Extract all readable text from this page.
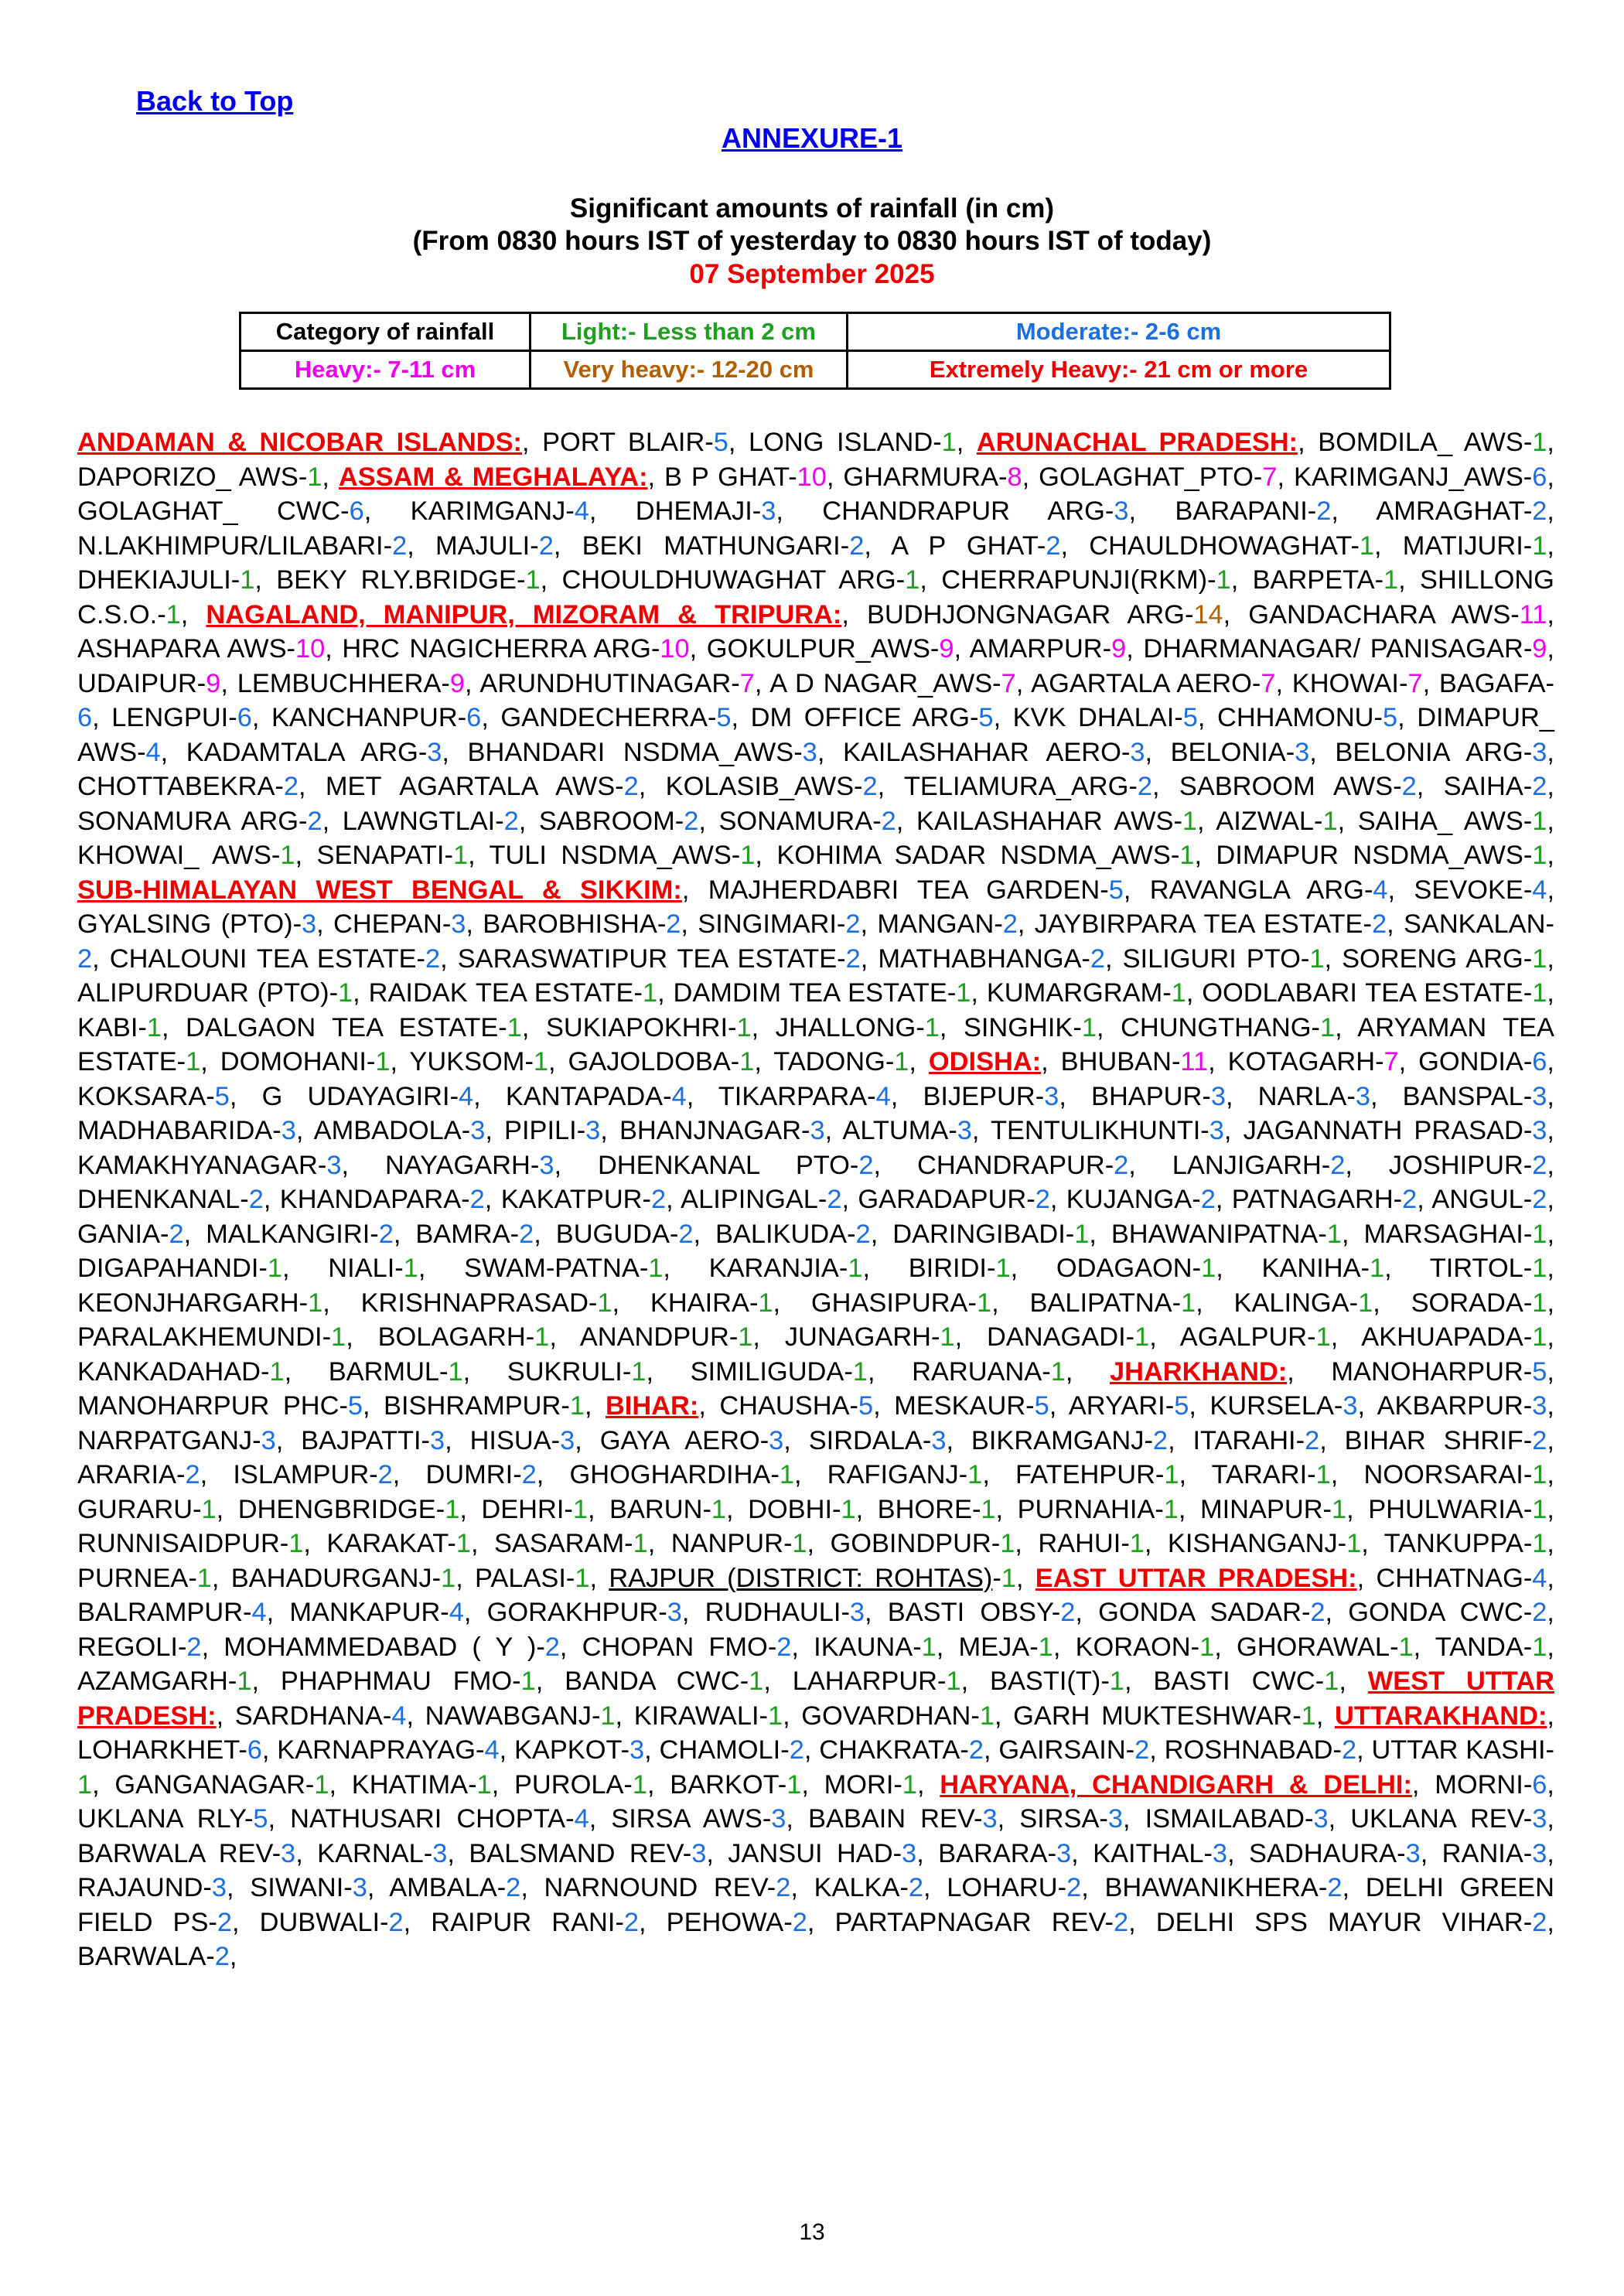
Back to Top
ANNEXURE-1
Significant amounts of rainfall (in cm)
(From 0830 hours IST of yesterday to 0830 hours IST of today)
07 September 2025
Category of rainfall	Light:- Less than 2 cm	Moderate:- 2-6 cm
Heavy:- 7-11 cm	Very heavy:- 12-20 cm	Extremely Heavy:- 21 cm or more
ANDAMAN & NICOBAR ISLANDS:, PORT BLAIR-5, LONG ISLAND-1, ARUNACHAL PRADESH:, BOMDILA_ AWS-1, DAPORIZO_ AWS-1, ASSAM & MEGHALAYA:, B P GHAT-10, GHARMURA-8, GOLAGHAT_PTO-7, KARIMGANJ_AWS-6, GOLAGHAT_ CWC-6, KARIMGANJ-4, DHEMAJI-3, CHANDRAPUR ARG-3, BARAPANI-2, AMRAGHAT-2, N.LAKHIMPUR/LILABARI-2, MAJULI-2, BEKI MATHUNGARI-2, A P GHAT-2, CHAULDHOWAGHAT-1, MATIJURI-1, DHEKIAJULI-1, BEKY RLY.BRIDGE-1, CHOULDHUWAGHAT ARG-1, CHERRAPUNJI(RKM)-1, BARPETA-1, SHILLONG C.S.O.-1, NAGALAND, MANIPUR, MIZORAM & TRIPURA:, BUDHJONGNAGAR ARG-14, GANDACHARA AWS-11, ASHAPARA AWS-10, HRC NAGICHERRA ARG-10, GOKULPUR_AWS-9, AMARPUR-9, DHARMANAGAR/ PANISAGAR-9, UDAIPUR-9, LEMBUCHHERA-9, ARUNDHUTINAGAR-7, A D NAGAR_AWS-7, AGARTALA AERO-7, KHOWAI-7, BAGAFA-6, LENGPUI-6, KANCHANPUR-6, GANDECHERRA-5, DM OFFICE ARG-5, KVK DHALAI-5, CHHAMONU-5, DIMAPUR_ AWS-4, KADAMTALA ARG-3, BHANDARI NSDMA_AWS-3, KAILASHAHAR AERO-3, BELONIA-3, BELONIA ARG-3, CHOTTABEKRA-2, MET AGARTALA AWS-2, KOLASIB_AWS-2, TELIAMURA_ARG-2, SABROOM AWS-2, SAIHA-2, SONAMURA ARG-2, LAWNGTLAI-2, SABROOM-2, SONAMURA-2, KAILASHAHAR AWS-1, AIZWAL-1, SAIHA_ AWS-1, KHOWAI_ AWS-1, SENAPATI-1, TULI NSDMA_AWS-1, KOHIMA SADAR NSDMA_AWS-1, DIMAPUR NSDMA_AWS-1, SUB-HIMALAYAN WEST BENGAL & SIKKIM:, MAJHERDABRI TEA GARDEN-5, RAVANGLA ARG-4, SEVOKE-4, GYALSING (PTO)-3, CHEPAN-3, BAROBHISHA-2, SINGIMARI-2, MANGAN-2, JAYBIRPARA TEA ESTATE-2, SANKALAN-2, CHALOUNI TEA ESTATE-2, SARASWATIPUR TEA ESTATE-2, MATHABHANGA-2, SILIGURI PTO-1, SORENG ARG-1, ALIPURDUAR (PTO)-1, RAIDAK TEA ESTATE-1, DAMDIM TEA ESTATE-1, KUMARGRAM-1, OODLABARI TEA ESTATE-1, KABI-1, DALGAON TEA ESTATE-1, SUKIAPOKHRI-1, JHALLONG-1, SINGHIK-1, CHUNGTHANG-1, ARYAMAN TEA ESTATE-1, DOMOHANI-1, YUKSOM-1, GAJOLDOBA-1, TADONG-1, ODISHA:, BHUBAN-11, KOTAGARH-7, GONDIA-6, KOKSARA-5, G UDAYAGIRI-4, KANTAPADA-4, TIKARPARA-4, BIJEPUR-3, BHAPUR-3, NARLA-3, BANSPAL-3, MADHABARIDA-3, AMBADOLA-3, PIPILI-3, BHANJNAGAR-3, ALTUMA-3, TENTULIKHUNTI-3, JAGANNATH PRASAD-3, KAMAKHYANAGAR-3, NAYAGARH-3, DHENKANAL PTO-2, CHANDRAPUR-2, LANJIGARH-2, JOSHIPUR-2, DHENKANAL-2, KHANDAPARA-2, KAKATPUR-2, ALIPINGAL-2, GARADAPUR-2, KUJANGA-2, PATNAGARH-2, ANGUL-2, GANIA-2, MALKANGIRI-2, BAMRA-2, BUGUDA-2, BALIKUDA-2, DARINGIBADI-1, BHAWANIPATNA-1, MARSAGHAI-1, DIGAPAHANDI-1, NIALI-1, SWAM-PATNA-1, KARANJIA-1, BIRIDI-1, ODAGAON-1, KANIHA-1, TIRTOL-1, KEONJHARGARH-1, KRISHNAPRASAD-1, KHAIRA-1, GHASIPURA-1, BALIPATNA-1, KALINGA-1, SORADA-1, PARALAKHEMUNDI-1, BOLAGARH-1, ANANDPUR-1, JUNAGARH-1, DANAGADI-1, AGALPUR-1, AKHUAPADA-1, KANKADAHAD-1, BARMUL-1, SUKRULI-1, SIMILIGUDA-1, RARUANA-1, JHARKHAND:, MANOHARPUR-5, MANOHARPUR PHC-5, BISHRAMPUR-1, BIHAR:, CHAUSHA-5, MESKAUR-5, ARYARI-5, KURSELA-3, AKBARPUR-3, NARPATGANJ-3, BAJPATTI-3, HISUA-3, GAYA AERO-3, SIRDALA-3, BIKRAMGANJ-2, ITARAHI-2, BIHAR SHRIF-2, ARARIA-2, ISLAMPUR-2, DUMRI-2, GHOGHARDIHA-1, RAFIGANJ-1, FATEHPUR-1, TARARI-1, NOORSARAI-1, GURARU-1, DHENGBRIDGE-1, DEHRI-1, BARUN-1, DOBHI-1, BHORE-1, PURNAHIA-1, MINAPUR-1, PHULWARIA-1, RUNNISAIDPUR-1, KARAKAT-1, SASARAM-1, NANPUR-1, GOBINDPUR-1, RAHUI-1, KISHANGANJ-1, TANKUPPA-1, PURNEA-1, BAHADURGANJ-1, PALASI-1, RAJPUR (DISTRICT: ROHTAS)-1, EAST UTTAR PRADESH:, CHHATNAG-4, BALRAMPUR-4, MANKAPUR-4, GORAKHPUR-3, RUDHAULI-3, BASTI OBSY-2, GONDA SADAR-2, GONDA CWC-2, REGOLI-2, MOHAMMEDABAD ( Y )-2, CHOPAN FMO-2, IKAUNA-1, MEJA-1, KORAON-1, GHORAWAL-1, TANDA-1, AZAMGARH-1, PHAPHMAU FMO-1, BANDA CWC-1, LAHARPUR-1, BASTI(T)-1, BASTI CWC-1, WEST UTTAR PRADESH:, SARDHANA-4, NAWABGANJ-1, KIRAWALI-1, GOVARDHAN-1, GARH MUKTESHWAR-1, UTTARAKHAND:, LOHARKHET-6, KARNAPRAYAG-4, KAPKOT-3, CHAMOLI-2, CHAKRATA-2, GAIRSAIN-2, ROSHNABAD-2, UTTAR KASHI-1, GANGANAGAR-1, KHATIMA-1, PUROLA-1, BARKOT-1, MORI-1, HARYANA, CHANDIGARH & DELHI:, MORNI-6, UKLANA RLY-5, NATHUSARI CHOPTA-4, SIRSA AWS-3, BABAIN REV-3, SIRSA-3, ISMAILABAD-3, UKLANA REV-3, BARWALA REV-3, KARNAL-3, BALSMAND REV-3, JANSUI HAD-3, BARARA-3, KAITHAL-3, SADHAURA-3, RANIA-3, RAJAUND-3, SIWANI-3, AMBALA-2, NARNOUND REV-2, KALKA-2, LOHARU-2, BHAWANIKHERA-2, DELHI GREEN FIELD PS-2, DUBWALI-2, RAIPUR RANI-2, PEHOWA-2, PARTAPNAGAR REV-2, DELHI SPS MAYUR VIHAR-2, BARWALA-2,
13
